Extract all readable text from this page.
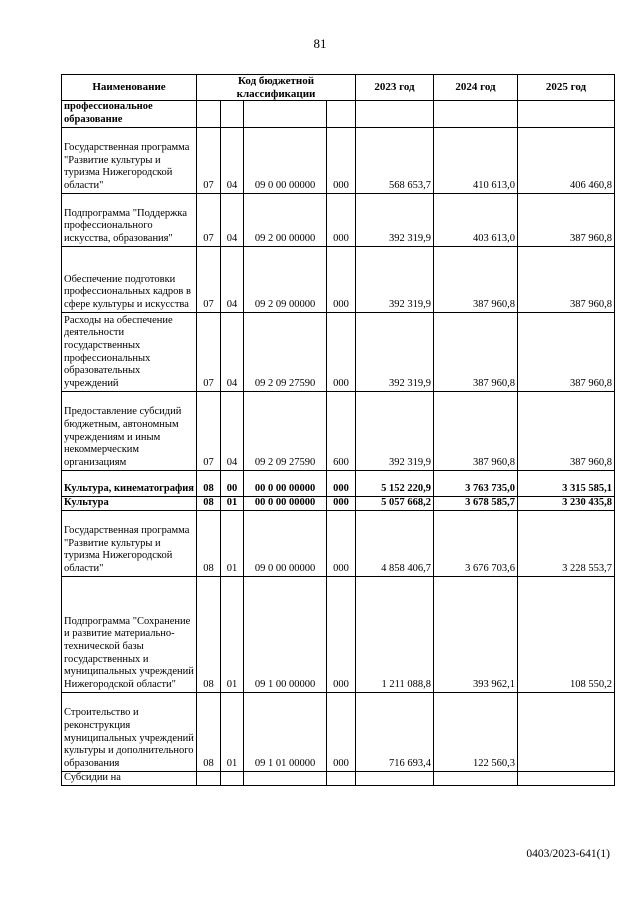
81
Наименование	Код бюджетной классификации				2023 год	2024 год	2025 год
профессиональное образование							
Государственная программа "Развитие культуры и туризма Нижегородской области"	07	04	09 0 00 00000	000	568 653,7	410 613,0	406 460,8
Подпрограмма "Поддержка профессионального искусства, образования"	07	04	09 2 00 00000	000	392 319,9	403 613,0	387 960,8
Обеспечение подготовки профессиональных кадров в сфере культуры и искусства	07	04	09 2 09 00000	000	392 319,9	387 960,8	387 960,8
Расходы на обеспечение деятельности государственных профессиональных образовательных учреждений	07	04	09 2 09 27590	000	392 319,9	387 960,8	387 960,8
Предоставление субсидий бюджетным, автономным учреждениям и иным некоммерческим организациям	07	04	09 2 09 27590	600	392 319,9	387 960,8	387 960,8
Культура, кинематография	08	00	00 0 00 00000	000	5 152 220,9	3 763 735,0	3 315 585,1
Культура	08	01	00 0 00 00000	000	5 057 668,2	3 678 585,7	3 230 435,8
Государственная программа "Развитие культуры и туризма Нижегородской области"	08	01	09 0 00 00000	000	4 858 406,7	3 676 703,6	3 228 553,7
Подпрограмма "Сохранение и развитие материально-технической базы государственных и муниципальных учреждений Нижегородской области"	08	01	09 1 00 00000	000	1 211 088,8	393 962,1	108 550,2
Строительство и реконструкция муниципальных учреждений культуры и дополнительного образования	08	01	09 1 01 00000	000	716 693,4	122 560,3	
Субсидии на							
0403/2023-641(1)
